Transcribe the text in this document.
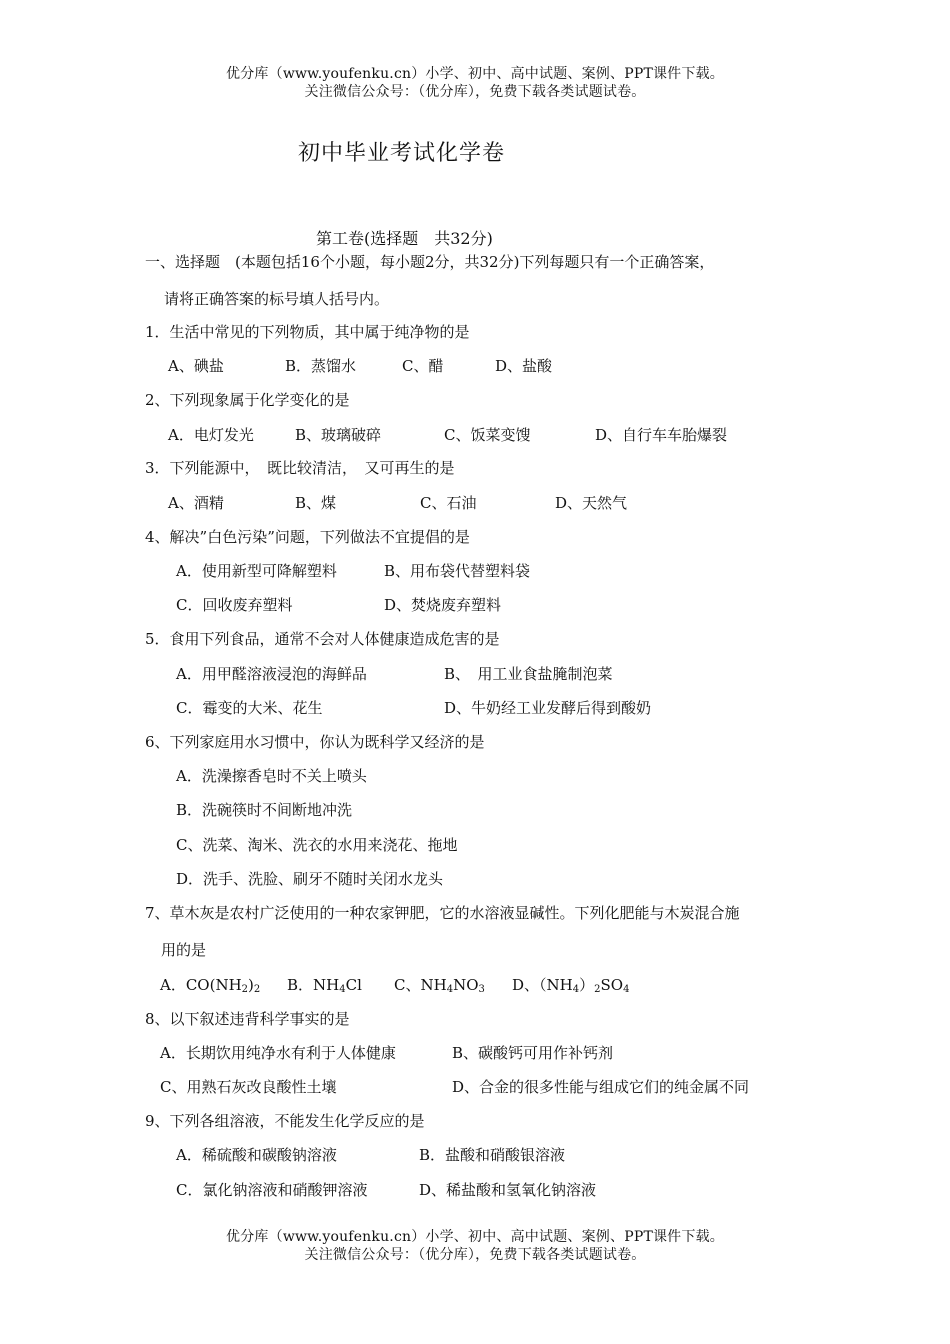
优分库（www.youfenku.cn）小学、初中、高中试题、案例、PPT课件下载。
关注微信公众号：（优分库），免费下载各类试题试卷。
初中毕业考试化学卷
第工卷(选择题　共32分)
一、选择题　(本题包括16个小题，每小题2分，共32分)下列每题只有一个正确答案，
请将正确答案的标号填人括号内。
1．生活中常见的下列物质，其中属于纯净物的是
A、碘盐	B．蒸馏水	C、醋	D、盐酸
2、下列现象属于化学变化的是
A．电灯发光	B、玻璃破碎	C、饭菜变馊	D、自行车车胎爆裂
3．下列能源中，　既比较清洁，　又可再生的是
A、酒精	B、煤	C、石油	D、天然气
4、解决”白色污染”问题，下列做法不宜提倡的是
A．使用新型可降解塑料	B、用布袋代替塑料袋
C．回收废弃塑料	D、焚烧废弃塑料
5．食用下列食品，通常不会对人体健康造成危害的是
A．用甲醛溶液浸泡的海鲜品	B、　用工业食盐腌制泡菜
C．霉变的大米、花生	D、牛奶经工业发酵后得到酸奶
6、下列家庭用水习惯中，你认为既科学又经济的是
A．洗澡擦香皂时不关上喷头
B．洗碗筷时不间断地冲洗
C、洗菜、淘米、洗衣的水用来浇花、拖地
D．洗手、洗脸、刷牙不随时关闭水龙头
7、草木灰是农村广泛使用的一种农家钾肥，它的水溶液显碱性。下列化肥能与木炭混合施
用的是
A．$CO(NH_2)_2$ B．$NH_4Cl$ C、$NH_4NO_3$ D、$(NH_4)_2SO_4$
8、以下叙述违背科学事实的是
A．长期饮用纯净水有利于人体健康	B、碳酸钙可用作补钙剂
C、用熟石灰改良酸性土壤	D、合金的很多性能与组成它们的纯金属不同
9、下列各组溶液，不能发生化学反应的是
A．稀硫酸和碳酸钠溶液	B．盐酸和硝酸银溶液
C．氯化钠溶液和硝酸钾溶液	D、稀盐酸和氢氧化钠溶液
优分库（www.youfenku.cn）小学、初中、高中试题、案例、PPT课件下载。
关注微信公众号：（优分库），免费下载各类试题试卷。
